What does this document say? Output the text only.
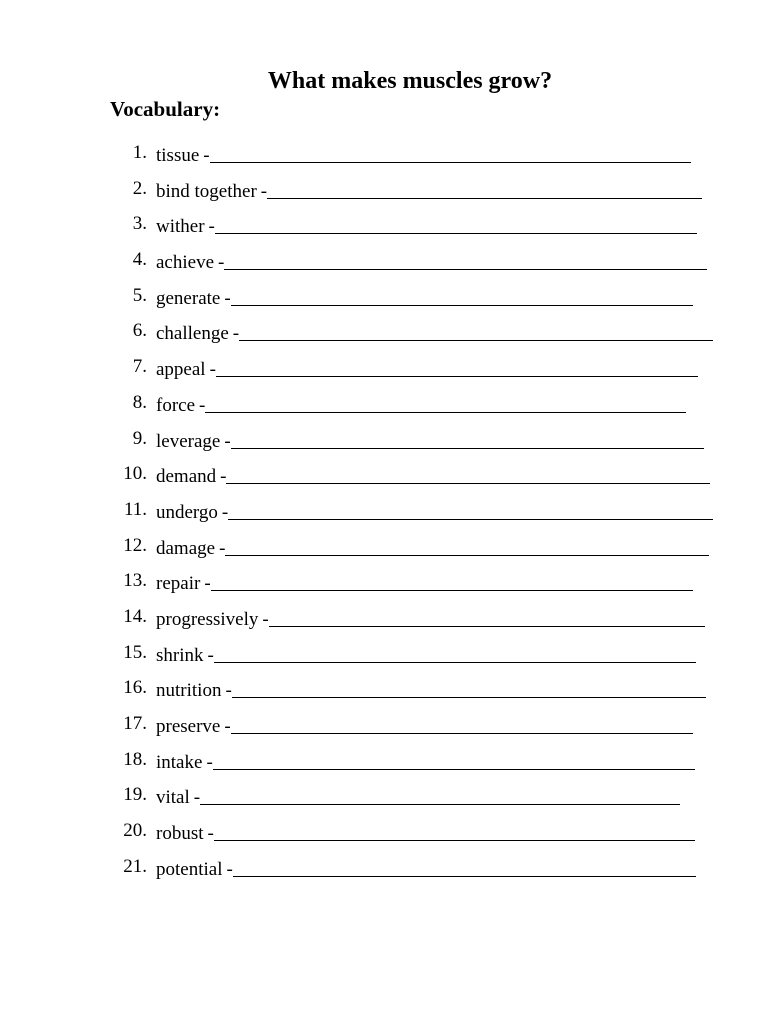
What makes muscles grow?
Vocabulary:
1. tissue -
2. bind together -
3. wither -
4. achieve -
5. generate -
6. challenge -
7. appeal -
8. force -
9. leverage -
10. demand -
11. undergo -
12. damage -
13. repair -
14. progressively -
15. shrink -
16. nutrition -
17. preserve -
18. intake -
19. vital -
20. robust -
21. potential -
